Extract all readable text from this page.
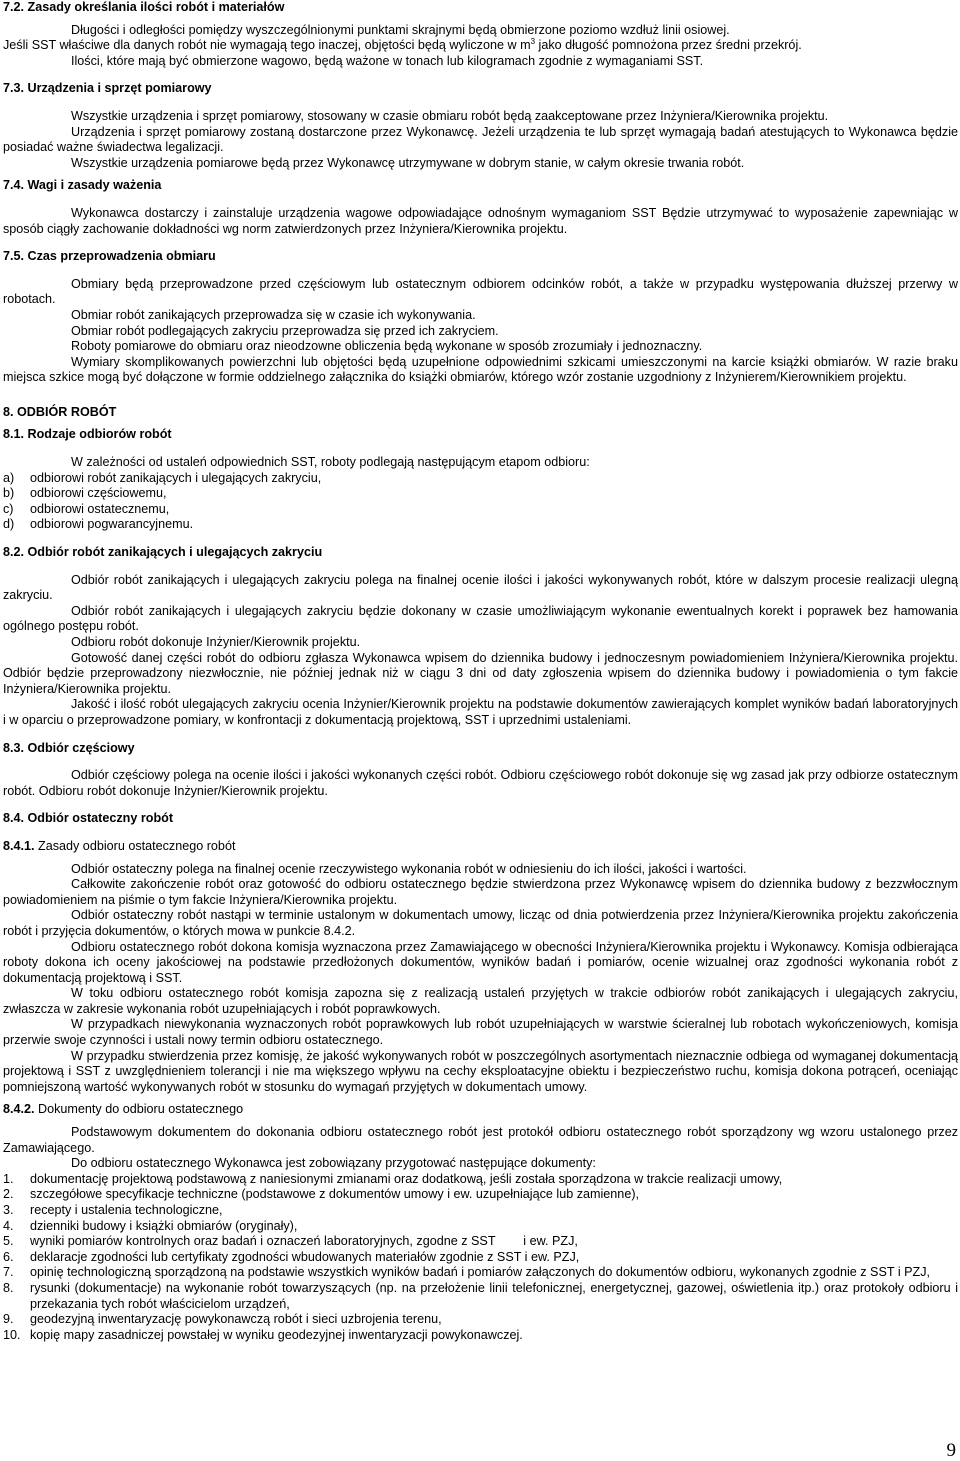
7.2. Zasady określania ilości robót i materiałów

Długości i odległości pomiędzy wyszczególnionymi punktami skrajnymi będą obmierzone poziomo wzdłuż linii osiowej.

Jeśli SST właściwe dla danych robót nie wymagają tego inaczej, objętości będą wyliczone w $m^3$ jako długość pomnożona przez średni przekrój.

Ilości, które mają być obmierzone wagowo, będą ważone w tonach lub kilogramach zgodnie z wymaganiami SST.

7.3. Urządzenia i sprzęt pomiarowy

Wszystkie urządzenia i sprzęt pomiarowy, stosowany w czasie obmiaru robót będą zaakceptowane przez Inżyniera/Kierownika projektu.

Urządzenia i sprzęt pomiarowy zostaną dostarczone przez Wykonawcę. Jeżeli urządzenia te lub sprzęt wymagają badań atestujących to Wykonawca będzie posiadać ważne świadectwa legalizacji.

Wszystkie urządzenia pomiarowe będą przez Wykonawcę utrzymywane w dobrym stanie, w całym okresie trwania robót.

7.4. Wagi i zasady ważenia

Wykonawca dostarczy i zainstaluje urządzenia wagowe odpowiadające odnośnym wymaganiom SST Będzie utrzymywać to wyposażenie zapewniając w sposób ciągły zachowanie dokładności wg norm zatwierdzonych przez Inżyniera/Kierownika projektu.

7.5. Czas przeprowadzenia obmiaru

Obmiary będą przeprowadzone przed częściowym lub ostatecznym odbiorem odcinków robót, a także w przypadku występowania dłuższej przerwy w robotach.

Obmiar robót zanikających przeprowadza się w czasie ich wykonywania.

Obmiar robót podlegających zakryciu przeprowadza się przed ich zakryciem.

Roboty pomiarowe do obmiaru oraz nieodzowne obliczenia będą wykonane w sposób zrozumiały i jednoznaczny.

Wymiary skomplikowanych powierzchni lub objętości będą uzupełnione odpowiednimi szkicami umieszczonymi na karcie książki obmiarów. W razie braku miejsca szkice mogą być dołączone w formie oddzielnego załącznika do książki obmiarów, którego wzór zostanie uzgodniony z Inżynierem/Kierownikiem projektu.

8. ODBIÓR ROBÓT

8.1. Rodzaje odbiorów robót

W zależności od ustaleń odpowiednich SST, roboty podlegają następującym etapom odbioru:

a)	odbiorowi robót zanikających i ulegających zakryciu,
b)	odbiorowi częściowemu,
c)	odbiorowi ostatecznemu,
d)	odbiorowi pogwarancyjnemu.

8.2. Odbiór robót zanikających i ulegających zakryciu

Odbiór robót zanikających i ulegających zakryciu polega na finalnej ocenie ilości i jakości wykonywanych robót, które w dalszym procesie realizacji ulegną zakryciu.

Odbiór robót zanikających i ulegających zakryciu będzie dokonany w czasie umożliwiającym wykonanie ewentualnych korekt i poprawek bez hamowania ogólnego postępu robót.

Odbioru robót dokonuje Inżynier/Kierownik projektu.

Gotowość danej części robót do odbioru zgłasza Wykonawca wpisem do dziennika budowy i jednoczesnym powiadomieniem Inżyniera/Kierownika projektu. Odbiór będzie przeprowadzony niezwłocznie, nie później jednak niż w ciągu 3 dni od daty zgłoszenia wpisem do dziennika budowy i powiadomienia o tym fakcie Inżyniera/Kierownika projektu.

Jakość i ilość robót ulegających zakryciu ocenia Inżynier/Kierownik projektu na podstawie dokumentów zawierających komplet wyników badań laboratoryjnych i w oparciu o przeprowadzone pomiary, w konfrontacji z dokumentacją projektową, SST i uprzednimi ustaleniami.

8.3. Odbiór częściowy

Odbiór częściowy polega na ocenie ilości i jakości wykonanych części robót. Odbioru częściowego robót dokonuje się wg zasad jak przy odbiorze ostatecznym robót. Odbioru robót dokonuje Inżynier/Kierownik projektu.

8.4. Odbiór ostateczny robót

8.4.1. Zasady odbioru ostatecznego robót

Odbiór ostateczny polega na finalnej ocenie rzeczywistego wykonania robót w odniesieniu do ich ilości, jakości i wartości.

Całkowite zakończenie robót oraz gotowość do odbioru ostatecznego będzie stwierdzona przez Wykonawcę wpisem do dziennika budowy z bezzwłocznym powiadomieniem na piśmie o tym fakcie Inżyniera/Kierownika projektu.

Odbiór ostateczny robót nastąpi w terminie ustalonym w dokumentach umowy, licząc od dnia potwierdzenia przez Inżyniera/Kierownika projektu zakończenia robót i przyjęcia dokumentów, o których mowa w punkcie 8.4.2.

Odbioru ostatecznego robót dokona komisja wyznaczona przez Zamawiającego w obecności Inżyniera/Kierownika projektu i Wykonawcy. Komisja odbierająca roboty dokona ich oceny jakościowej na podstawie przedłożonych dokumentów, wyników badań i pomiarów, ocenie wizualnej oraz zgodności wykonania robót z dokumentacją projektową i SST.

W toku odbioru ostatecznego robót komisja zapozna się z realizacją ustaleń przyjętych w trakcie odbiorów robót zanikających i ulegających zakryciu, zwłaszcza w zakresie wykonania robót uzupełniających i robót poprawkowych.

W przypadkach niewykonania wyznaczonych robót poprawkowych lub robót uzupełniających w warstwie ścieralnej lub robotach wykończeniowych, komisja przerwie swoje czynności i ustali nowy termin odbioru ostatecznego.

W przypadku stwierdzenia przez komisję, że jakość wykonywanych robót w poszczególnych asortymentach nieznacznie odbiega od wymaganej dokumentacją projektową i SST z uwzględnieniem tolerancji i nie ma większego wpływu na cechy eksploatacyjne obiektu i bezpieczeństwo ruchu, komisja dokona potrąceń, oceniając pomniejszoną wartość wykonywanych robót w stosunku do wymagań przyjętych w dokumentach umowy.

8.4.2. Dokumenty do odbioru ostatecznego

Podstawowym dokumentem do dokonania odbioru ostatecznego robót jest protokół odbioru ostatecznego robót sporządzony wg wzoru ustalonego przez Zamawiającego.

Do odbioru ostatecznego Wykonawca jest zobowiązany przygotować następujące dokumenty:

1.	dokumentację projektową podstawową z naniesionymi zmianami oraz dodatkową, jeśli została sporządzona w trakcie realizacji umowy,
2.	szczegółowe specyfikacje techniczne (podstawowe z dokumentów umowy i ew. uzupełniające lub zamienne),
3.	recepty i ustalenia technologiczne,
4.	dzienniki budowy i książki obmiarów (oryginały),
5.	wyniki pomiarów kontrolnych oraz badań i oznaczeń laboratoryjnych, zgodne z SST        i ew. PZJ,
6.	deklaracje zgodności lub certyfikaty zgodności wbudowanych materiałów zgodnie z SST i ew. PZJ,
7.	opinię technologiczną sporządzoną na podstawie wszystkich wyników badań i pomiarów załączonych do dokumentów odbioru, wykonanych zgodnie z SST i PZJ,
8.	rysunki (dokumentacje) na wykonanie robót towarzyszących (np. na przełożenie linii telefonicznej, energetycznej, gazowej, oświetlenia itp.) oraz protokoły odbioru i przekazania tych robót właścicielom urządzeń,
9.	geodezyjną inwentaryzację powykonawczą robót i sieci uzbrojenia terenu,
10. kopię mapy zasadniczej powstałej w wyniku geodezyjnej inwentaryzacji powykonawczej.
9
